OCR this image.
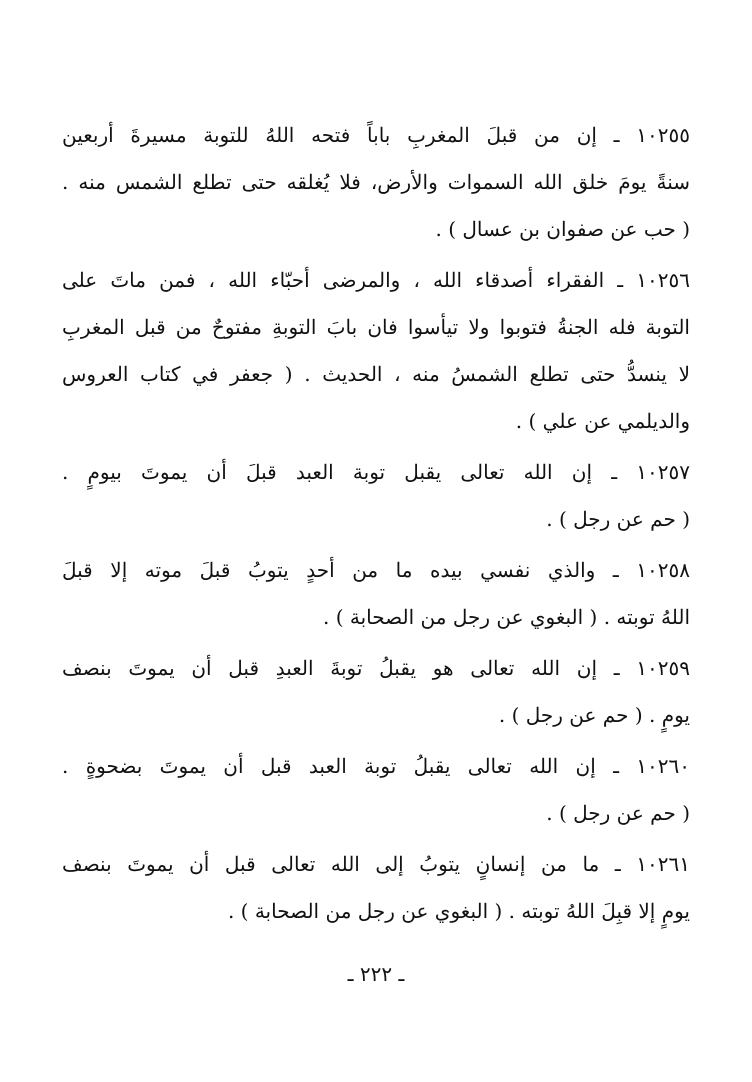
١٠٢٥٥ ـ إن من قبلَ المغربِ باباً فتحه اللهُ للتوبة مسيرةَ أربعين
سنةً يومَ خلق الله السموات والأرض، فلا يُغلقه حتى تطلع الشمس منه .
( حب عن صفوان بن عسال ) .
١٠٢٥٦ ـ الفقراء أصدقاء الله ، والمرضى أحبّاء الله ، فمن ماتَ على
التوبة فله الجنةُ فتوبوا ولا تيأسوا فان بابَ التوبةِ مفتوحٌ من قبل المغربِ
لا ينسدُّ حتى تطلع الشمسُ منه ، الحديث . ( جعفر في كتاب العروس
والديلمي عن علي ) .
١٠٢٥٧ ـ إن الله تعالى يقبل توبة العبد قبلَ أن يموتَ بيومٍ .
( حم عن رجل ) .
١٠٢٥٨ ـ والذي نفسي بيده ما من أحدٍ يتوبُ قبلَ موته إلا قبلَ
اللهُ توبته . ( البغوي عن رجل من الصحابة ) .
١٠٢٥٩ ـ إن الله تعالى هو يقبلُ توبةَ العبدِ قبل أن يموتَ بنصف
يومٍ . ( حم عن رجل ) .
١٠٢٦٠ ـ إن الله تعالى يقبلُ توبة العبد قبل أن يموتَ بضحوةٍ .
( حم عن رجل ) .
١٠٢٦١ ـ ما من إنسانٍ يتوبُ إلى الله تعالى قبل أن يموتَ بنصف
يومٍ إلا قبِلَ اللهُ توبته . ( البغوي عن رجل من الصحابة ) .
ـ ٢٢٢ ـ
